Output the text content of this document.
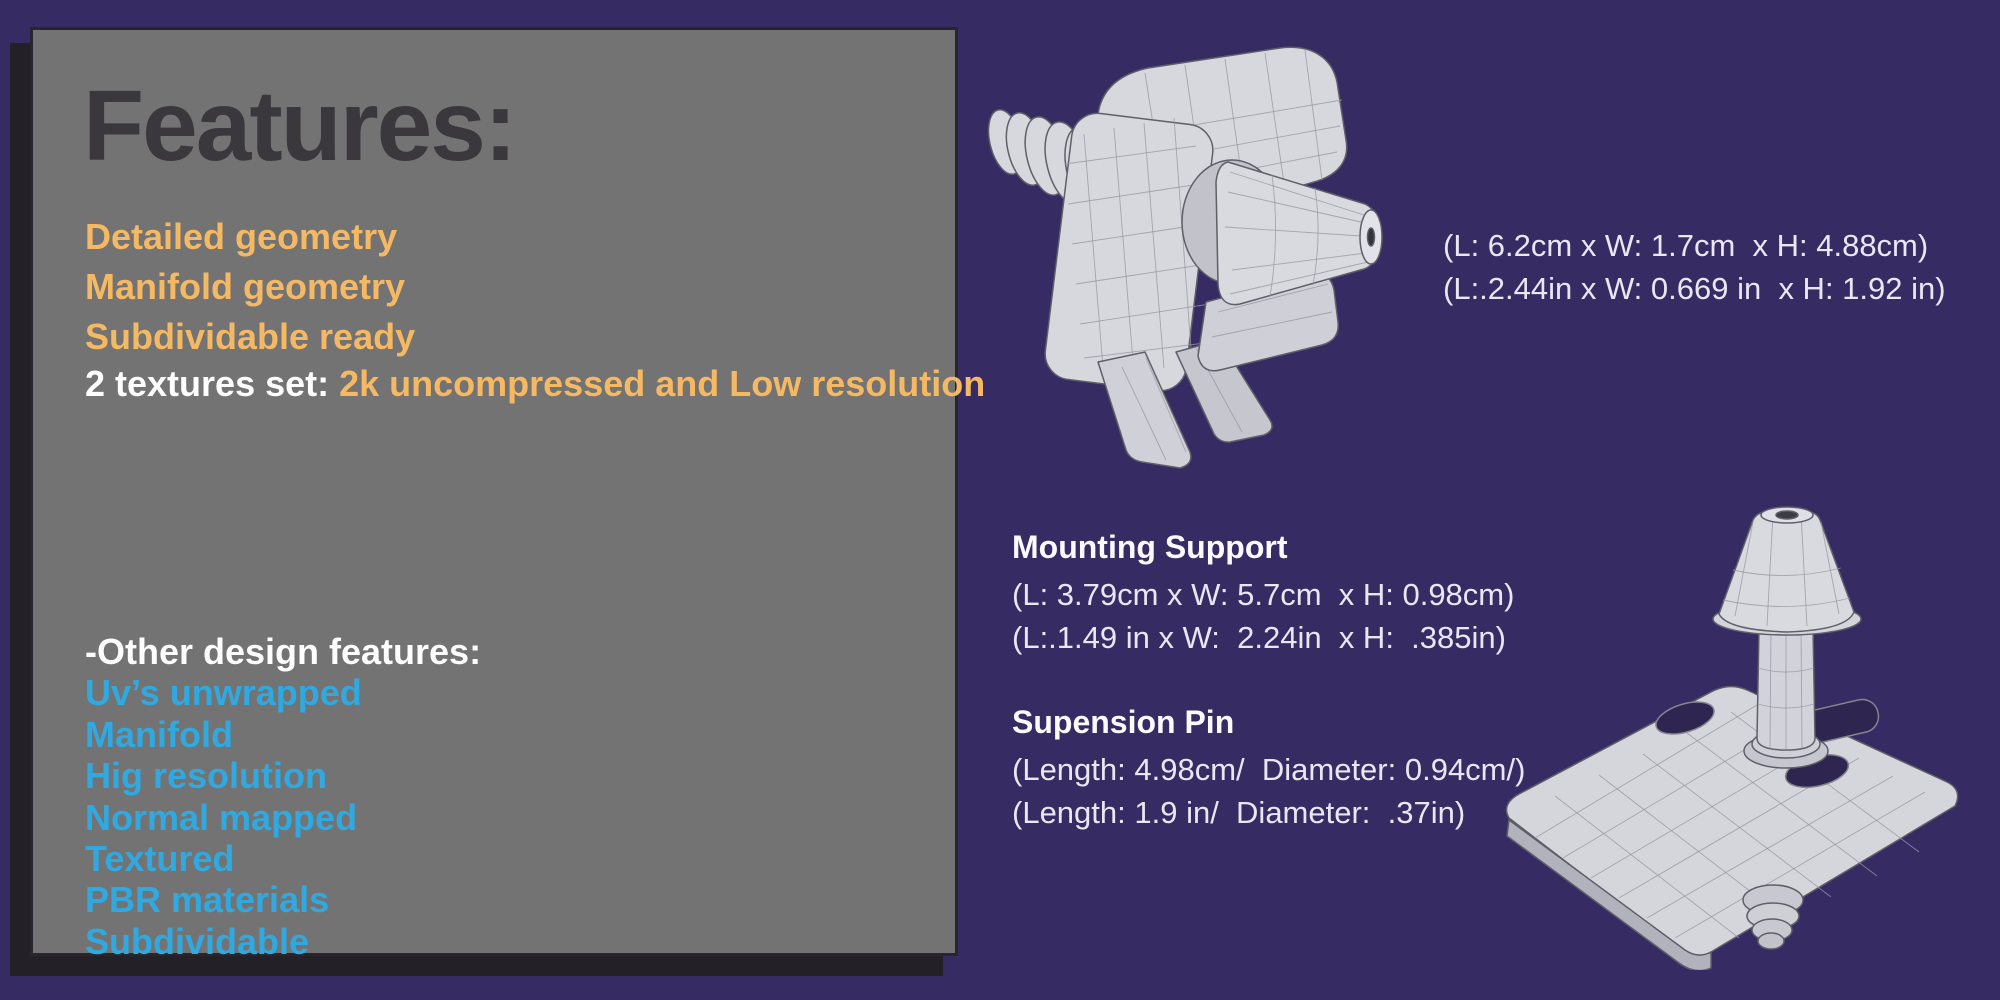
Features:
Detailed geometry
Manifold geometry
Subdividable ready

2 textures set: 2k uncompressed and Low resolution

-Other design features:

Uv’s unwrapped
Manifold
Hig resolution
Normal mapped
Textured
PBR materials
Subdividable
(L: 6.2cm x W: 1.7cm  x H: 4.88cm)
(L:.2.44in x W: 0.669 in  x H: 1.92 in)
Mounting Support
(L: 3.79cm x W: 5.7cm  x H: 0.98cm)
(L:.1.49 in x W:  2.24in  x H:  .385in)
Supension Pin
(Length: 4.98cm/  Diameter: 0.94cm/)
(Length: 1.9 in/  Diameter:  .37in)
